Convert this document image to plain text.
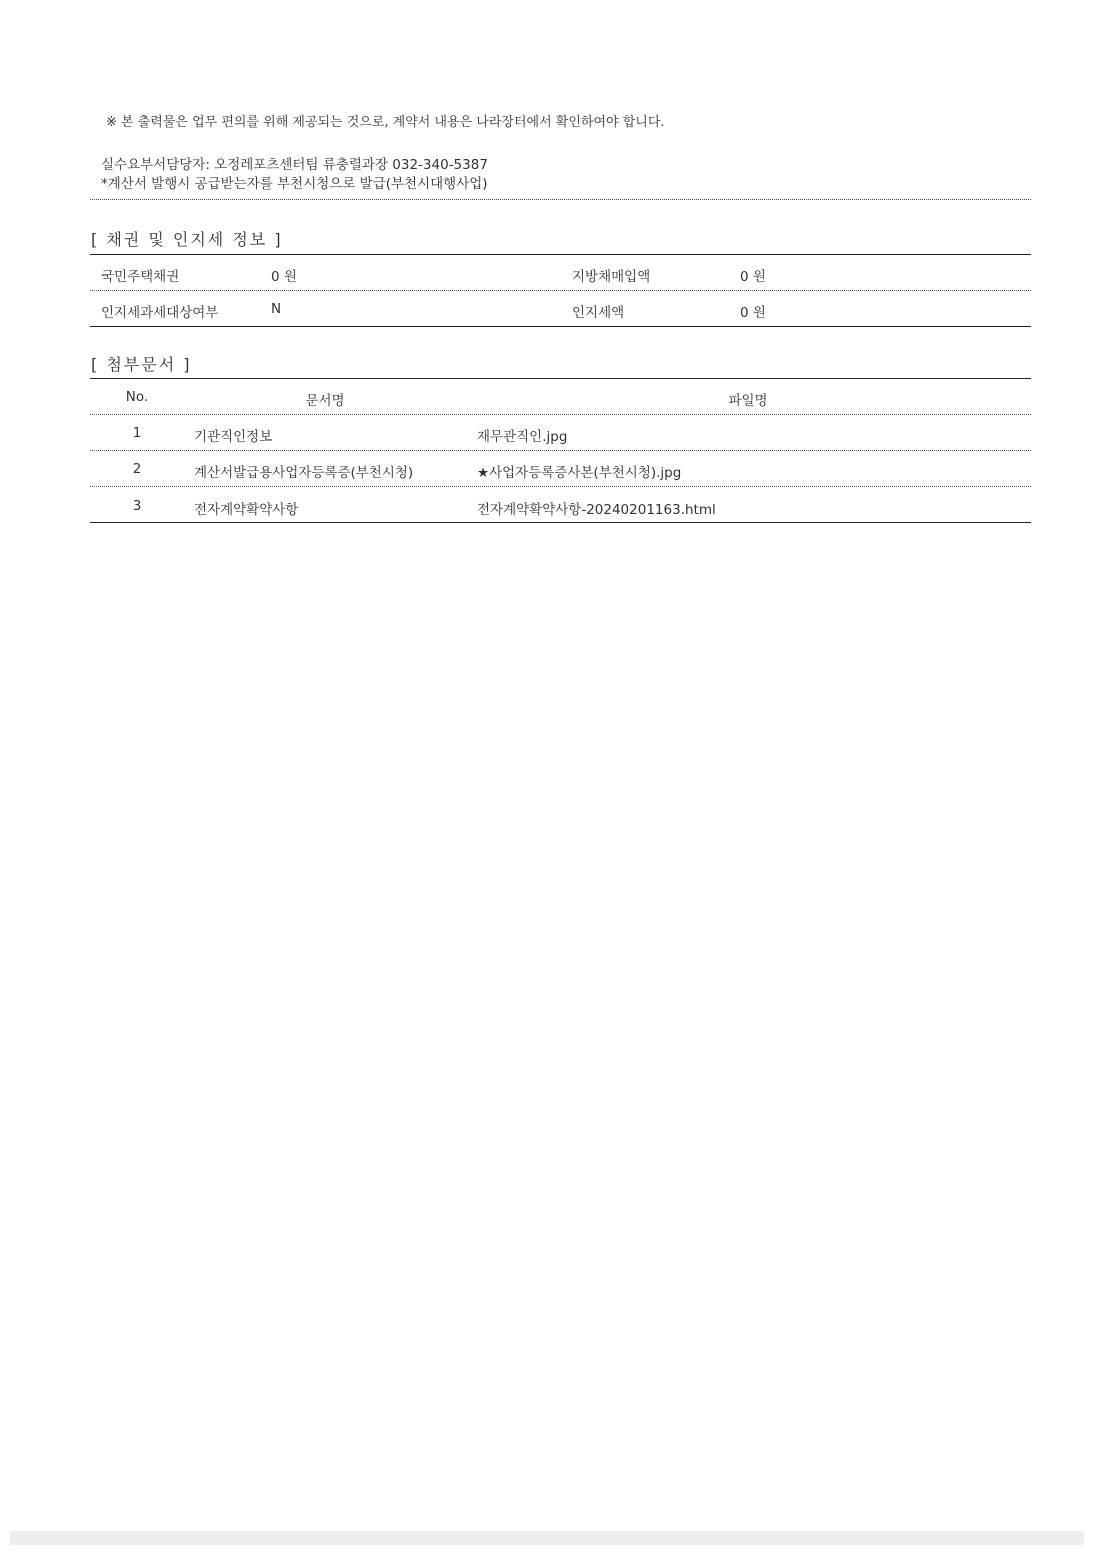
※ 본 출력물은 업무 편의를 위해 제공되는 것으로, 계약서 내용은 나라장터에서 확인하여야 합니다.
실수요부서담당자: 오정레포츠센터팀 류충렬과장 032-340-5387
*계산서 발행시 공급받는자를 부천시청으로 발급(부천시대행사업)
[ 채권 및 인지세 정보 ]
국민주택채권	0 원	지방채매입액	0 원
인지세과세대상여부	N	인지세액	0 원
[ 첨부문서 ]
No.	문서명	파일명
1	기관직인정보	재무관직인.jpg
2	계산서발급용사업자등록증(부천시청)	★사업자등록증사본(부천시청).jpg
3	전자계약확약사항	전자계약확약사항-20240201163.html
